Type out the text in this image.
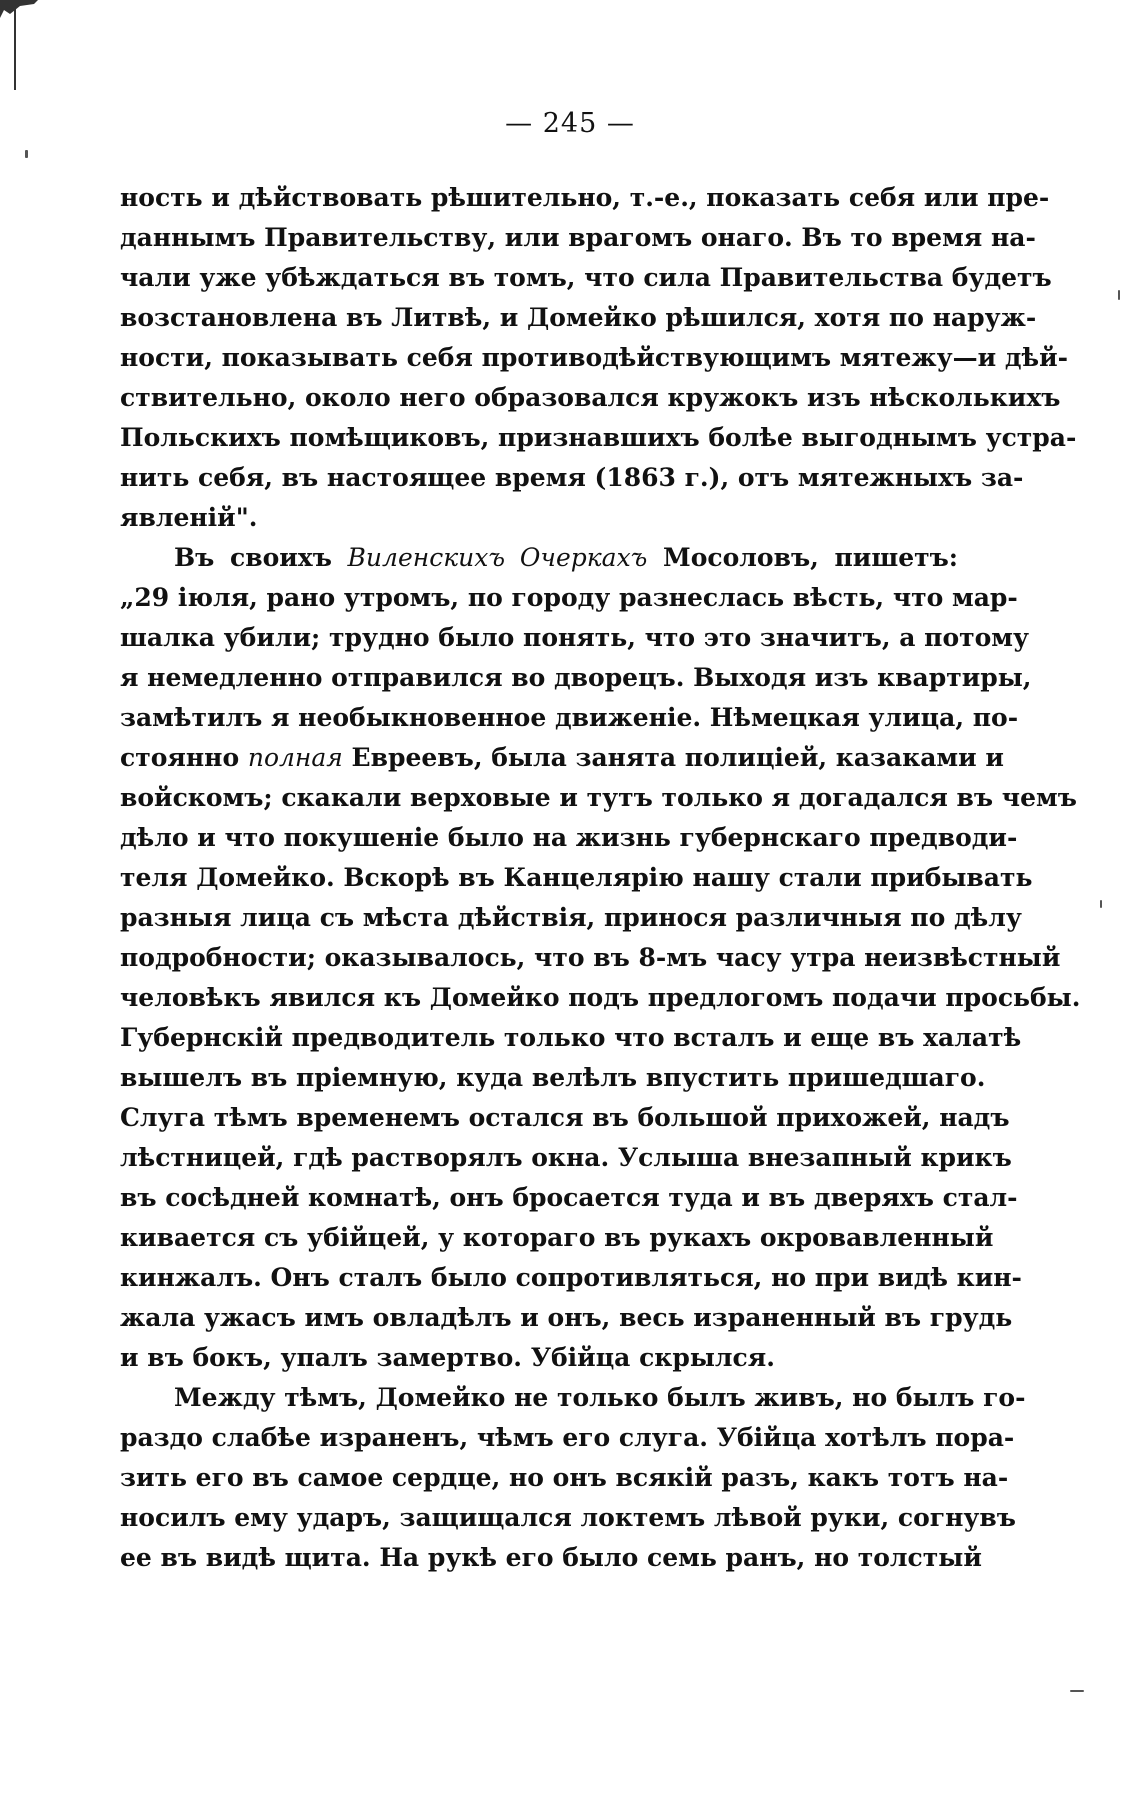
— 245 —
ность и дѣйствовать рѣшительно, т.-е., показать себя или пре-
даннымъ Правительству, или врагомъ онаго. Въ то время на-
чали уже убѣждаться въ томъ, что сила Правительства будетъ
возстановлена въ Литвѣ, и Домейко рѣшился, хотя по наруж-
ности, показывать себя противодѣйствующимъ мятежу—и дѣй-
ствительно, около него образовался кружокъ изъ нѣсколькихъ
Польскихъ помѣщиковъ, признавшихъ болѣе выгоднымъ устра-
нить себя, въ настоящее время (1863 г.), отъ мятежныхъ за-
явленій".
Въ своихъ Виленскихъ Очеркахъ Мосоловъ, пишетъ:
„29 іюля, рано утромъ, по городу разнеслась вѣсть, что мар-
шалка убили; трудно было понять, что это значитъ, а потому
я немедленно отправился во дворецъ. Выходя изъ квартиры,
замѣтилъ я необыкновенное движеніе. Нѣмецкая улица, по-
стоянно полная Евреевъ, была занята полиціей, казаками и
войскомъ; скакали верховые и тутъ только я догадался въ чемъ
дѣло и что покушеніе было на жизнь губернскаго предводи-
теля Домейко. Вскорѣ въ Канцелярію нашу стали прибывать
разныя лица съ мѣста дѣйствія, принося различныя по дѣлу
подробности; оказывалось, что въ 8-мъ часу утра неизвѣстный
человѣкъ явился къ Домейко подъ предлогомъ подачи просьбы.
Губернскій предводитель только что всталъ и еще въ халатѣ
вышелъ въ пріемную, куда велѣлъ впустить пришедшаго.
Слуга тѣмъ временемъ остался въ большой прихожей, надъ
лѣстницей, гдѣ растворялъ окна. Услыша внезапный крикъ
въ сосѣдней комнатѣ, онъ бросается туда и въ дверяхъ стал-
кивается съ убійцей, у котораго въ рукахъ окровавленный
кинжалъ. Онъ сталъ было сопротивляться, но при видѣ кин-
жала ужасъ имъ овладѣлъ и онъ, весь израненный въ грудь
и въ бокъ, упалъ замертво. Убійца скрылся.
Между тѣмъ, Домейко не только былъ живъ, но былъ го-
раздо слабѣе израненъ, чѣмъ его слуга. Убійца хотѣлъ пора-
зить его въ самое сердце, но онъ всякій разъ, какъ тотъ на-
носилъ ему ударъ, защищался локтемъ лѣвой руки, согнувъ
ее въ видѣ щита. На рукѣ его было семь ранъ, но толстый
